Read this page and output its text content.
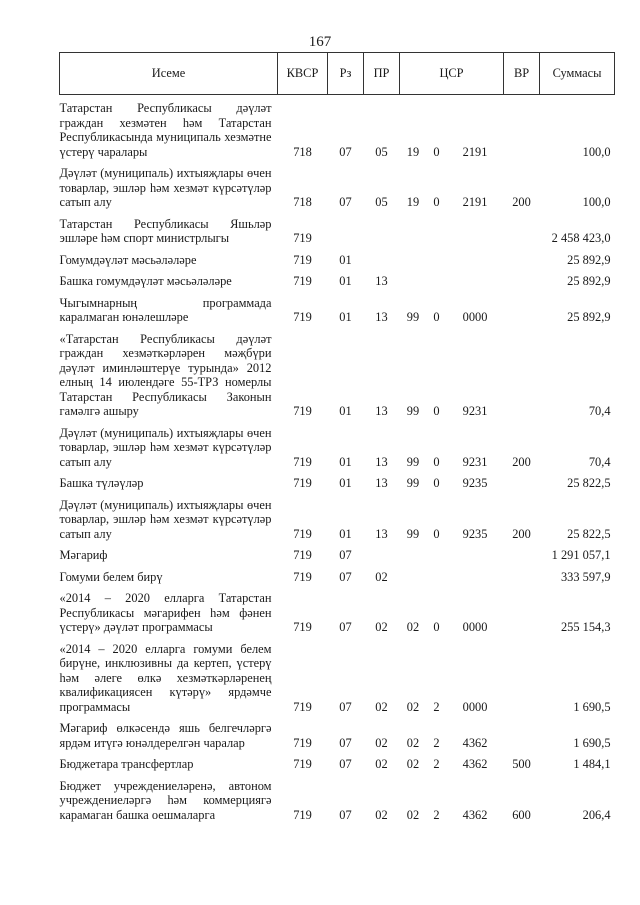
167
Исеме	КВСР	Рз	ПР	ЦСР			ВР	Суммасы
Татарстан Республикасы дәүләт граждан хезмәтен һәм Татарстан Республикасында муниципаль хезмәтне үстерү чаралары	718	07	05	19	0	2191		100,0
Дәүләт (муниципаль) ихтыяҗлары өчен товарлар, эшләр һәм хезмәт күрсәтүләр сатып алу	718	07	05	19	0	2191	200	100,0
Татарстан Республикасы Яшьләр эшләре һәм спорт министрлыгы	719							2 458 423,0
Гомумдәүләт мәсьәләләре	719	01						25 892,9
Башка гомумдәүләт мәсьәләләре	719	01	13					25 892,9
Чыгымнарның программада каралмаган юнәлешләре	719	01	13	99	0	0000		25 892,9
«Татарстан Республикасы дәүләт граждан хезмәткәрләрен мәҗбүри дәүләт иминләштерүе турында» 2012 елның 14 июлендәге 55-ТРЗ номерлы Татарстан Республикасы Законын гамәлгә ашыру	719	01	13	99	0	9231		70,4
Дәүләт (муниципаль) ихтыяҗлары өчен товарлар, эшләр һәм хезмәт күрсәтүләр сатып алу	719	01	13	99	0	9231	200	70,4
Башка түләүләр	719	01	13	99	0	9235		25 822,5
Дәүләт (муниципаль) ихтыяҗлары өчен товарлар, эшләр һәм хезмәт күрсәтүләр сатып алу	719	01	13	99	0	9235	200	25 822,5
Мәгариф	719	07						1 291 057,1
Гомуми белем бирү	719	07	02					333 597,9
«2014 – 2020 елларга Татарстан Республикасы мәгарифен һәм фәнен үстерү» дәүләт программасы	719	07	02	02	0	0000		255 154,3
«2014 – 2020 елларга гомуми белем бирүне, инклюзивны да кертеп, үстерү һәм әлеге өлкә хезмәткәрләренең квалификациясен күтәрү» ярдәмче программасы	719	07	02	02	2	0000		1 690,5
Мәгариф өлкәсендә яшь белгечләргә ярдәм итүгә юнәлдерелгән чаралар	719	07	02	02	2	4362		1 690,5
Бюджетара трансфертлар	719	07	02	02	2	4362	500	1 484,1
Бюджет учреждениеләренә, автоном учреждениеләргә һәм коммерциягә карамаган башка оешмаларга	719	07	02	02	2	4362	600	206,4
